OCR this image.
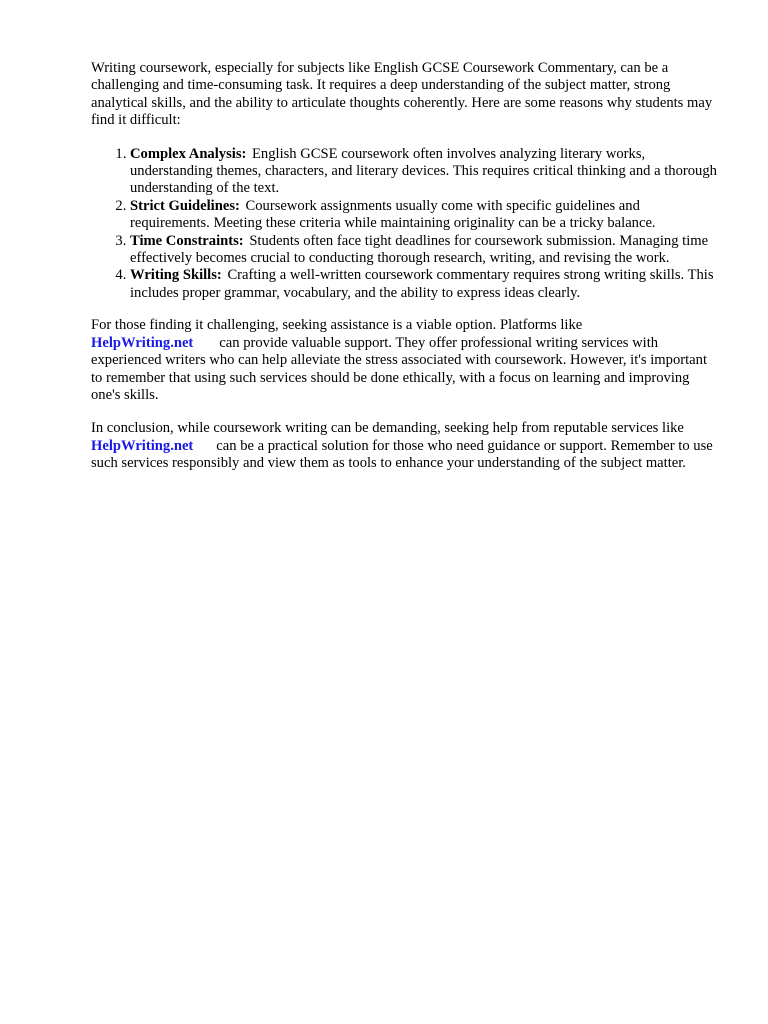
Writing coursework, especially for subjects like English GCSE Coursework Commentary, can be a challenging and time-consuming task. It requires a deep understanding of the subject matter, strong analytical skills, and the ability to articulate thoughts coherently. Here are some reasons why students may find it difficult:

1. Complex Analysis: English GCSE coursework often involves analyzing literary works, understanding themes, characters, and literary devices. This requires critical thinking and a thorough understanding of the text.
2. Strict Guidelines: Coursework assignments usually come with specific guidelines and requirements. Meeting these criteria while maintaining originality can be a tricky balance.
3. Time Constraints: Students often face tight deadlines for coursework submission. Managing time effectively becomes crucial to conducting thorough research, writing, and revising the work.
4. Writing Skills: Crafting a well-written coursework commentary requires strong writing skills. This includes proper grammar, vocabulary, and the ability to express ideas clearly.

For those finding it challenging, seeking assistance is a viable option. Platforms like
HelpWriting.net can provide valuable support. They offer professional writing services with experienced writers who can help alleviate the stress associated with coursework. However, it's important to remember that using such services should be done ethically, with a focus on learning and improving one's skills.

In conclusion, while coursework writing can be demanding, seeking help from reputable services likeHelpWriting.net can be a practical solution for those who need guidance or support. Remember to use such services responsibly and view them as tools to enhance your understanding of the subject matter.
